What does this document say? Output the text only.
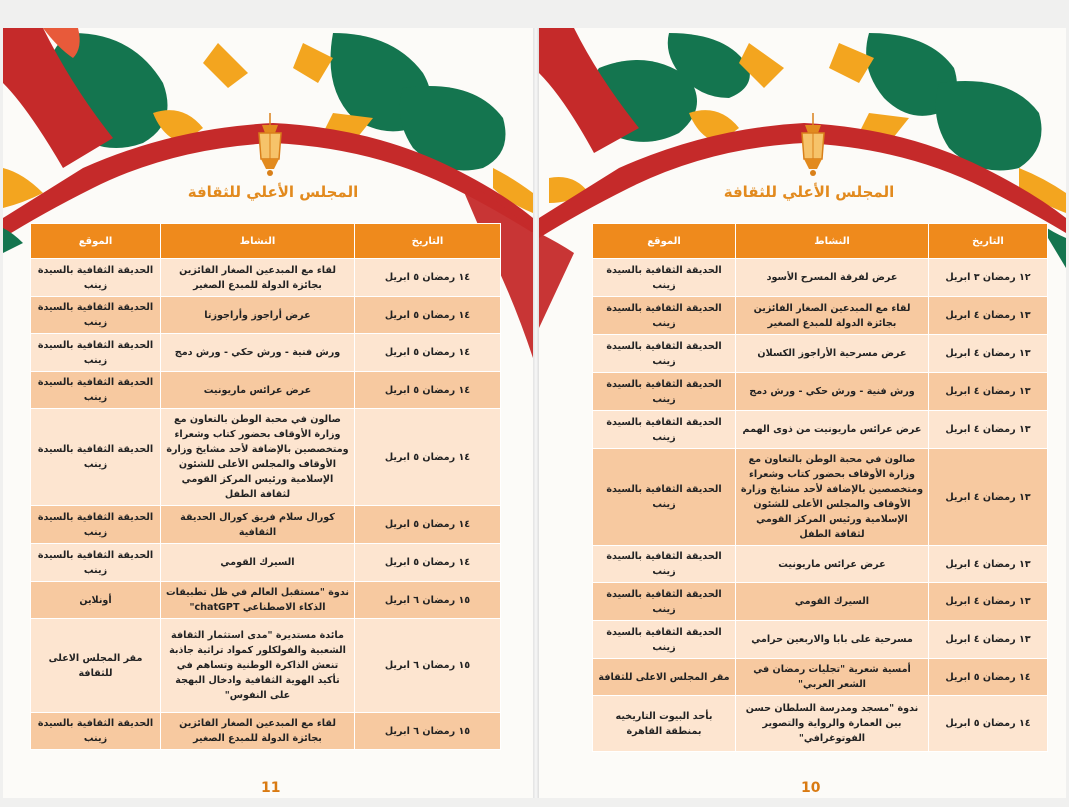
المجلس الأعلي للثقافة
التاريخ	النشاط	الموقع
١٤ رمضان ٥ ابريل	لقاء مع المبدعين الصغار الفائزين بجائزة الدولة للمبدع الصغير	الحديقة الثقافية بالسيدة زينب
١٤ رمضان ٥ ابريل	عرض أراجوز وأراجوزتا	الحديقة الثقافية بالسيدة زينب
١٤ رمضان ٥ ابريل	ورش فنية - ورش حكي - ورش دمج	الحديقة الثقافية بالسيدة زينب
١٤ رمضان ٥ ابريل	عرض عرائس ماريونيت	الحديقة الثقافية بالسيدة زينب
١٤ رمضان ٥ ابريل	صالون في محبة الوطن بالتعاون مع وزارة الأوقاف بحضور كتاب وشعراء ومتخصصين بالإضافة لأحد مشايخ وزارة الأوقاف والمجلس الأعلى للشئون الإسلامية ورئيس المركز القومي لثقافة الطفل	الحديقة الثقافية بالسيدة زينب
١٤ رمضان ٥ ابريل	كورال سلام فريق كورال الحديقة الثقافية	الحديقة الثقافية بالسيدة زينب
١٤ رمضان ٥ ابريل	السيرك القومي	الحديقة الثقافية بالسيدة زينب
١٥ رمضان ٦ ابريل	ندوة "مستقبل العالم في ظل تطبيقات الذكاء الاصطناعي chatGPT"	أونلاين
١٥ رمضان ٦ ابريل	مائدة مستديرة "مدى استثمار الثقافة الشعبية والفولكلور كمواد تراثية جاذبة تنعش الذاكرة الوطنية وتساهم في تأكيد الهوية الثقافية وادخال البهجة على النفوس"	مقر المجلس الاعلى للثقافة
١٥ رمضان ٦ ابريل	لقاء مع المبدعين الصغار الفائزين بجائزة الدولة للمبدع الصغير	الحديقة الثقافية بالسيدة زينب
11
المجلس الأعلي للثقافة
التاريخ	النشاط	الموقع
١٢ رمضان ٣ ابريل	عرض لفرقة المسرح الأسود	الحديقة الثقافية بالسيدة زينب
١٣ رمضان ٤ ابريل	لقاء مع المبدعين الصغار الفائزين بجائزة الدولة للمبدع الصغير	الحديقة الثقافية بالسيدة زينب
١٣ رمضان ٤ ابريل	عرض مسرحية الأراجوز الكسلان	الحديقة الثقافية بالسيدة زينب
١٣ رمضان ٤ ابريل	ورش فنية - ورش حكي - ورش دمج	الحديقة الثقافية بالسيدة زينب
١٣ رمضان ٤ ابريل	عرض عرائس ماريونيت من ذوى الهمم	الحديقة الثقافية بالسيدة زينب
١٣ رمضان ٤ ابريل	صالون في محبة الوطن بالتعاون مع وزارة الأوقاف بحضور كتاب وشعراء ومتخصصين بالإضافة لأحد مشايخ وزارة الأوقاف والمجلس الأعلى للشئون الإسلامية ورئيس المركز القومي لثقافة الطفل	الحديقة الثقافية بالسيدة زينب
١٣ رمضان ٤ ابريل	عرض عرائس ماريونيت	الحديقة الثقافية بالسيدة زينب
١٣ رمضان ٤ ابريل	السيرك القومي	الحديقة الثقافية بالسيدة زينب
١٣ رمضان ٤ ابريل	مسرحية على بابا والاربعين حرامي	الحديقة الثقافية بالسيدة زينب
١٤ رمضان ٥ ابريل	أمسية شعرية "تجليات رمضان في الشعر العربي"	مقر المجلس الاعلى للثقافة
١٤ رمضان ٥ ابريل	ندوة "مسجد ومدرسة السلطان حسن بين العمارة والرواية والتصوير الفوتوغرافي"	بأحد البيوت التاريخيه بمنطقة القاهرة
10
